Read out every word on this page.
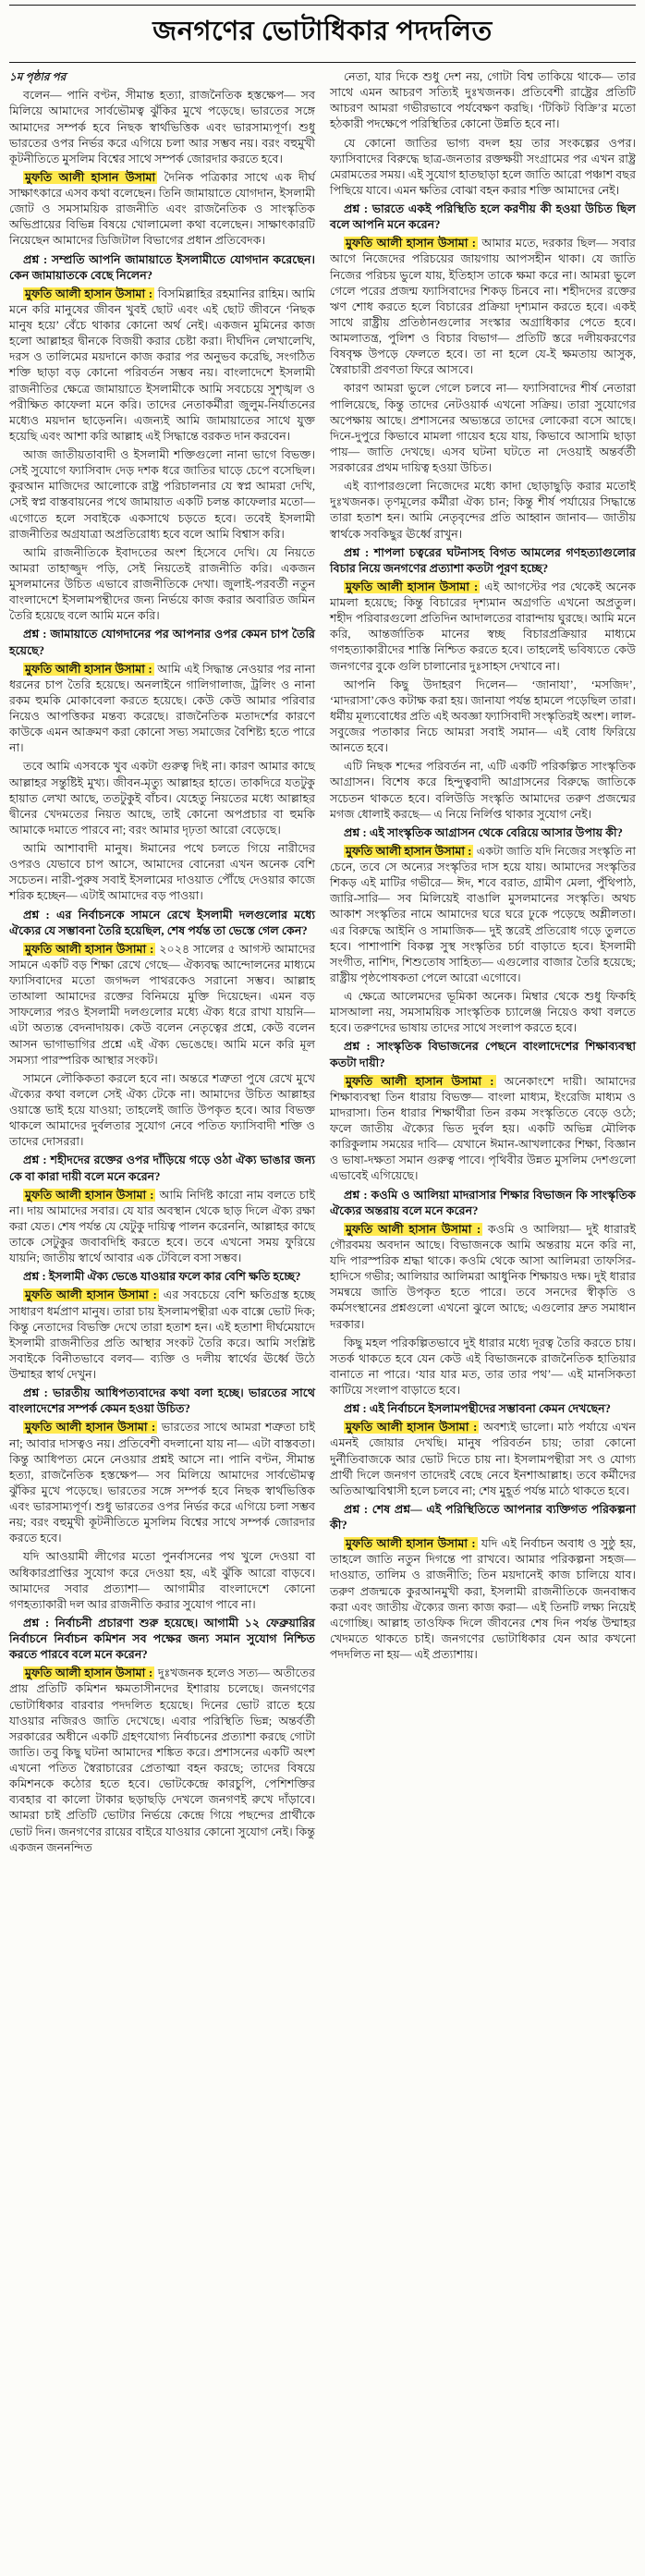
জনগণের ভোটাধিকার পদদলিত

১ম পৃষ্ঠার পর

বলেন— পানি বণ্টন, সীমান্ত হত্যা, রাজনৈতিক হস্তক্ষেপ— সব মিলিয়ে আমাদের সার্বভৌমত্ব ঝুঁকির মুখে পড়েছে। ভারতের সঙ্গে আমাদের সম্পর্ক হবে নিছক স্বার্থভিত্তিক এবং ভারসাম্যপূর্ণ। শুধু ভারতের ওপর নির্ভর করে এগিয়ে চলা আর সম্ভব নয়। বরং বহুমুখী কূটনীতিতে মুসলিম বিশ্বের সাথে সম্পর্ক জোরদার করতে হবে।

মুফতি আলী হাসান উসামা দৈনিক পত্রিকার সাথে এক দীর্ঘ সাক্ষাৎকারে এসব কথা বলেছেন। তিনি জামায়াতে যোগদান, ইসলামী জোট ও সমসাময়িক রাজনীতি এবং রাজনৈতিক ও সাংস্কৃতিক অভিপ্রায়ের বিভিন্ন বিষয়ে খোলামেলা কথা বলেছেন। সাক্ষাৎকারটি নিয়েছেন আমাদের ডিজিটাল বিভাগের প্রধান প্রতিবেদক।

প্রশ্ন : সম্প্রতি আপনি জামায়াতে ইসলামীতে যোগদান করেছেন। কেন জামায়াতকে বেছে নিলেন?

মুফতি আলী হাসান উসামা : বিসমিল্লাহির রহমানির রাহিম। আমি মনে করি মানুষের জীবন খুবই ছোট এবং এই ছোট জীবনে ‘নিছক মানুষ হয়ে’ বেঁচে থাকার কোনো অর্থ নেই। একজন মুমিনের কাজ হলো আল্লাহর দ্বীনকে বিজয়ী করার চেষ্টা করা। দীর্ঘদিন লেখালেখি, দরস ও তালিমের ময়দানে কাজ করার পর অনুভব করেছি, সংগঠিত শক্তি ছাড়া বড় কোনো পরিবর্তন সম্ভব নয়। বাংলাদেশে ইসলামী রাজনীতির ক্ষেত্রে জামায়াতে ইসলামীকে আমি সবচেয়ে সুশৃঙ্খল ও পরীক্ষিত কাফেলা মনে করি। তাদের নেতাকর্মীরা জুলুম-নির্যাতনের মধ্যেও ময়দান ছাড়েননি। এজন্যই আমি জামায়াতের সাথে যুক্ত হয়েছি এবং আশা করি আল্লাহ এই সিদ্ধান্তে বরকত দান করবেন।

আজ জাতীয়তাবাদী ও ইসলামী শক্তিগুলো নানা ভাগে বিভক্ত। সেই সুযোগে ফ্যাসিবাদ দেড় দশক ধরে জাতির ঘাড়ে চেপে বসেছিল। কুরআন মাজিদের আলোকে রাষ্ট্র পরিচালনার যে স্বপ্ন আমরা দেখি, সেই স্বপ্ন বাস্তবায়নের পথে জামায়াত একটি চলন্ত কাফেলার মতো— এগোতে হলে সবাইকে একসাথে চড়তে হবে। তবেই ইসলামী রাজনীতির অগ্রযাত্রা অপ্রতিরোধ্য হবে বলে আমি বিশ্বাস করি।

আমি রাজনীতিকে ইবাদতের অংশ হিসেবে দেখি। যে নিয়তে আমরা তাহাজ্জুদ পড়ি, সেই নিয়তেই রাজনীতি করি। একজন মুসলমানের উচিত এভাবে রাজনীতিকে দেখা। জুলাই-পরবর্তী নতুন বাংলাদেশে ইসলামপন্থীদের জন্য নির্ভয়ে কাজ করার অবারিত জমিন তৈরি হয়েছে বলে আমি মনে করি।

প্রশ্ন : জামায়াতে যোগদানের পর আপনার ওপর কেমন চাপ তৈরি হয়েছে?

মুফতি আলী হাসান উসামা : আমি এই সিদ্ধান্ত নেওয়ার পর নানা ধরনের চাপ তৈরি হয়েছে। অনলাইনে গালিগালাজ, ট্রলিং ও নানা রকম হুমকি মোকাবেলা করতে হয়েছে। কেউ কেউ আমার পরিবার নিয়েও আপত্তিকর মন্তব্য করেছে। রাজনৈতিক মতাদর্শের কারণে কাউকে এমন আক্রমণ করা কোনো সভ্য সমাজের বৈশিষ্ট্য হতে পারে না।

তবে আমি এসবকে খুব একটা গুরুত্ব দিই না। কারণ আমার কাছে আল্লাহর সন্তুষ্টিই মুখ্য। জীবন-মৃত্যু আল্লাহর হাতে। তাকদিরে যতটুকু হায়াত লেখা আছে, ততটুকুই বাঁচব। যেহেতু নিয়তের মধ্যে আল্লাহর দ্বীনের খেদমতের নিয়ত আছে, তাই কোনো অপপ্রচার বা হুমকি আমাকে দমাতে পারবে না; বরং আমার দৃঢ়তা আরো বেড়েছে।

আমি আশাবাদী মানুষ। ঈমানের পথে চলতে গিয়ে নারীদের ওপরও যেভাবে চাপ আসে, আমাদের বোনেরা এখন অনেক বেশি সচেতন। নারী-পুরুষ সবাই ইসলামের দাওয়াত পৌঁছে দেওয়ার কাজে শরিক হচ্ছেন— এটাই আমাদের বড় পাওয়া।

প্রশ্ন : এর নির্বাচনকে সামনে রেখে ইসলামী দলগুলোর মধ্যে ঐক্যের যে সম্ভাবনা তৈরি হয়েছিল, শেষ পর্যন্ত তা ভেস্তে গেল কেন?

মুফতি আলী হাসান উসামা : ২০২৪ সালের ৫ আগস্ট আমাদের সামনে একটি বড় শিক্ষা রেখে গেছে— ঐক্যবদ্ধ আন্দোলনের মাধ্যমে ফ্যাসিবাদের মতো জগদ্দল পাথরকেও সরানো সম্ভব। আল্লাহ তাআলা আমাদের রক্তের বিনিময়ে মুক্তি দিয়েছেন। এমন বড় সাফল্যের পরও ইসলামী দলগুলোর মধ্যে ঐক্য ধরে রাখা যায়নি— এটা অত্যন্ত বেদনাদায়ক। কেউ বলেন নেতৃত্বের প্রশ্নে, কেউ বলেন আসন ভাগাভাগির প্রশ্নে এই ঐক্য ভেঙেছে। আমি মনে করি মূল সমস্যা পারস্পরিক আস্থার সংকট।

সামনে লৌকিকতা করলে হবে না। অন্তরে শত্রুতা পুষে রেখে মুখে ঐক্যের কথা বললে সেই ঐক্য টেকে না। আমাদের উচিত আল্লাহর ওয়াস্তে ভাই হয়ে যাওয়া; তাহলেই জাতি উপকৃত হবে। আর বিভক্ত থাকলে আমাদের দুর্বলতার সুযোগ নেবে পতিত ফ্যাসিবাদী শক্তি ও তাদের দোসররা।

প্রশ্ন : শহীদদের রক্তের ওপর দাঁড়িয়ে গড়ে ওঠা ঐক্য ভাঙার জন্য কে বা কারা দায়ী বলে মনে করেন?

মুফতি আলী হাসান উসামা : আমি নির্দিষ্ট কারো নাম বলতে চাই না। দায় আমাদের সবার। যে যার অবস্থান থেকে ছাড় দিলে ঐক্য রক্ষা করা যেত। শেষ পর্যন্ত যে যেটুকু দায়িত্ব পালন করেননি, আল্লাহর কাছে তাকে সেটুকুর জবাবদিহি করতে হবে। তবে এখনো সময় ফুরিয়ে যায়নি; জাতীয় স্বার্থে আবার এক টেবিলে বসা সম্ভব।

প্রশ্ন : ইসলামী ঐক্য ভেঙে যাওয়ার ফলে কার বেশি ক্ষতি হচ্ছে?

মুফতি আলী হাসান উসামা : এর সবচেয়ে বেশি ক্ষতিগ্রস্ত হচ্ছে সাধারণ ধর্মপ্রাণ মানুষ। তারা চায় ইসলামপন্থীরা এক বাক্সে ভোট দিক; কিন্তু নেতাদের বিভক্তি দেখে তারা হতাশ হন। এই হতাশা দীর্ঘমেয়াদে ইসলামী রাজনীতির প্রতি আস্থার সংকট তৈরি করে। আমি সংশ্লিষ্ট সবাইকে বিনীতভাবে বলব— ব্যক্তি ও দলীয় স্বার্থের ঊর্ধ্বে উঠে উম্মাহর স্বার্থ দেখুন।

প্রশ্ন : ভারতীয় আধিপত্যবাদের কথা বলা হচ্ছে। ভারতের সাথে বাংলাদেশের সম্পর্ক কেমন হওয়া উচিত?

মুফতি আলী হাসান উসামা : ভারতের সাথে আমরা শত্রুতা চাই না; আবার দাসত্বও নয়। প্রতিবেশী বদলানো যায় না— এটা বাস্তবতা। কিন্তু আধিপত্য মেনে নেওয়ার প্রশ্নই আসে না। পানি বণ্টন, সীমান্ত হত্যা, রাজনৈতিক হস্তক্ষেপ— সব মিলিয়ে আমাদের সার্বভৌমত্ব ঝুঁকির মুখে পড়েছে। ভারতের সঙ্গে সম্পর্ক হবে নিছক স্বার্থভিত্তিক এবং ভারসাম্যপূর্ণ। শুধু ভারতের ওপর নির্ভর করে এগিয়ে চলা সম্ভব নয়; বরং বহুমুখী কূটনীতিতে মুসলিম বিশ্বের সাথে সম্পর্ক জোরদার করতে হবে।

যদি আওয়ামী লীগের মতো পুনর্বাসনের পথ খুলে দেওয়া বা অধিকারপ্রাপ্তির সুযোগ করে দেওয়া হয়, এই ঝুঁকি আরো বাড়বে। আমাদের সবার প্রত্যাশা— আগামীর বাংলাদেশে কোনো গণহত্যাকারী দল আর রাজনীতি করার সুযোগ পাবে না।

প্রশ্ন : নির্বাচনী প্রচারণা শুরু হয়েছে। আগামী ১২ ফেব্রুয়ারির নির্বাচনে নির্বাচন কমিশন সব পক্ষের জন্য সমান সুযোগ নিশ্চিত করতে পারবে বলে মনে করেন?

মুফতি আলী হাসান উসামা : দুঃখজনক হলেও সত্য— অতীতের প্রায় প্রতিটি কমিশন ক্ষমতাসীনদের ইশারায় চলেছে। জনগণের ভোটাধিকার বারবার পদদলিত হয়েছে। দিনের ভোট রাতে হয়ে যাওয়ার নজিরও জাতি দেখেছে। এবার পরিস্থিতি ভিন্ন; অন্তর্বর্তী সরকারের অধীনে একটি গ্রহণযোগ্য নির্বাচনের প্রত্যাশা করছে গোটা জাতি। তবু কিছু ঘটনা আমাদের শঙ্কিত করে। প্রশাসনের একটি অংশ এখনো পতিত স্বৈরাচারের প্রেতাত্মা বহন করছে; তাদের বিষয়ে কমিশনকে কঠোর হতে হবে। ভোটকেন্দ্রে কারচুপি, পেশিশক্তির ব্যবহার বা কালো টাকার ছড়াছড়ি দেখলে জনগণই রুখে দাঁড়াবে। আমরা চাই প্রতিটি ভোটার নির্ভয়ে কেন্দ্রে গিয়ে পছন্দের প্রার্থীকে ভোট দিন। জনগণের রায়ের বাইরে যাওয়ার কোনো সুযোগ নেই। কিন্তু একজন জননন্দিত

নেতা, যার দিকে শুধু দেশ নয়, গোটা বিশ্ব তাকিয়ে থাকে— তার সাথে এমন আচরণ সত্যিই দুঃখজনক। প্রতিবেশী রাষ্ট্রের প্রতিটি আচরণ আমরা গভীরভাবে পর্যবেক্ষণ করছি। ‘টিকিট বিক্রি’র মতো হঠকারী পদক্ষেপে পরিস্থিতির কোনো উন্নতি হবে না।

যে কোনো জাতির ভাগ্য বদল হয় তার সংকল্পের ওপর। ফ্যাসিবাদের বিরুদ্ধে ছাত্র-জনতার রক্তক্ষয়ী সংগ্রামের পর এখন রাষ্ট্র মেরামতের সময়। এই সুযোগ হাতছাড়া হলে জাতি আরো পঞ্চাশ বছর পিছিয়ে যাবে। এমন ক্ষতির বোঝা বহন করার শক্তি আমাদের নেই।

প্রশ্ন : ভারতে একই পরিস্থিতি হলে করণীয় কী হওয়া উচিত ছিল বলে আপনি মনে করেন?

মুফতি আলী হাসান উসামা : আমার মতে, দরকার ছিল— সবার আগে নিজেদের পরিচয়ের জায়গায় আপসহীন থাকা। যে জাতি নিজের পরিচয় ভুলে যায়, ইতিহাস তাকে ক্ষমা করে না। আমরা ভুলে গেলে পরের প্রজন্ম ফ্যাসিবাদের শিকড় চিনবে না। শহীদদের রক্তের ঋণ শোধ করতে হলে বিচারের প্রক্রিয়া দৃশ্যমান করতে হবে। একই সাথে রাষ্ট্রীয় প্রতিষ্ঠানগুলোর সংস্কার অগ্রাধিকার পেতে হবে। আমলাতন্ত্র, পুলিশ ও বিচার বিভাগ— প্রতিটি স্তরে দলীয়করণের বিষবৃক্ষ উপড়ে ফেলতে হবে। তা না হলে যে-ই ক্ষমতায় আসুক, স্বৈরাচারী প্রবণতা ফিরে আসবে।

কারণ আমরা ভুলে গেলে চলবে না— ফ্যাসিবাদের শীর্ষ নেতারা পালিয়েছে, কিন্তু তাদের নেটওয়ার্ক এখনো সক্রিয়। তারা সুযোগের অপেক্ষায় আছে। প্রশাসনের অভ্যন্তরে তাদের লোকেরা বসে আছে। দিনে-দুপুরে কিভাবে মামলা গায়েব হয়ে যায়, কিভাবে আসামি ছাড়া পায়— জাতি দেখছে। এসব ঘটনা ঘটতে না দেওয়াই অন্তর্বর্তী সরকারের প্রথম দায়িত্ব হওয়া উচিত।

এই ব্যাপারগুলো নিজেদের মধ্যে কাদা ছোড়াছুড়ি করার মতোই দুঃখজনক। তৃণমূলের কর্মীরা ঐক্য চান; কিন্তু শীর্ষ পর্যায়ের সিদ্ধান্তে তারা হতাশ হন। আমি নেতৃবৃন্দের প্রতি আহ্বান জানাব— জাতীয় স্বার্থকে সবকিছুর ঊর্ধ্বে রাখুন।

প্রশ্ন : শাপলা চত্বরের ঘটনাসহ বিগত আমলের গণহত্যাগুলোর বিচার নিয়ে জনগণের প্রত্যাশা কতটা পূরণ হচ্ছে?

মুফতি আলী হাসান উসামা : এই আগস্টের পর থেকেই অনেক মামলা হয়েছে; কিন্তু বিচারের দৃশ্যমান অগ্রগতি এখনো অপ্রতুল। শহীদ পরিবারগুলো প্রতিদিন আদালতের বারান্দায় ঘুরছে। আমি মনে করি, আন্তর্জাতিক মানের স্বচ্ছ বিচারপ্রক্রিয়ার মাধ্যমে গণহত্যাকারীদের শাস্তি নিশ্চিত করতে হবে। তাহলেই ভবিষ্যতে কেউ জনগণের বুকে গুলি চালানোর দুঃসাহস দেখাবে না।

আপনি কিছু উদাহরণ দিলেন— ‘জানাযা’, ‘মসজিদ’, ‘মাদরাসা’কেও কটাক্ষ করা হয়। জানাযা পর্যন্ত হামলে পড়েছিল তারা। ধর্মীয় মূল্যবোধের প্রতি এই অবজ্ঞা ফ্যাসিবাদী সংস্কৃতিরই অংশ। লাল-সবুজের পতাকার নিচে আমরা সবাই সমান— এই বোধ ফিরিয়ে আনতে হবে।

এটি নিছক শব্দের পরিবর্তন না, এটি একটি পরিকল্পিত সাংস্কৃতিক আগ্রাসন। বিশেষ করে হিন্দুত্ববাদী আগ্রাসনের বিরুদ্ধে জাতিকে সচেতন থাকতে হবে। বলিউডি সংস্কৃতি আমাদের তরুণ প্রজন্মের মগজ ধোলাই করছে— এ নিয়ে নির্লিপ্ত থাকার সুযোগ নেই।

প্রশ্ন : এই সাংস্কৃতিক আগ্রাসন থেকে বেরিয়ে আসার উপায় কী?

মুফতি আলী হাসান উসামা : একটা জাতি যদি নিজের সংস্কৃতি না চেনে, তবে সে অন্যের সংস্কৃতির দাস হয়ে যায়। আমাদের সংস্কৃতির শিকড় এই মাটির গভীরে— ঈদ, শবে বরাত, গ্রামীণ মেলা, পুঁথিপাঠ, জারি-সারি— সব মিলিয়েই বাঙালি মুসলমানের সংস্কৃতি। অথচ আকাশ সংস্কৃতির নামে আমাদের ঘরে ঘরে ঢুকে পড়েছে অশ্লীলতা। এর বিরুদ্ধে আইনি ও সামাজিক— দুই স্তরেই প্রতিরোধ গড়ে তুলতে হবে। পাশাপাশি বিকল্প সুস্থ সংস্কৃতির চর্চা বাড়াতে হবে। ইসলামী সংগীত, নাশিদ, শিশুতোষ সাহিত্য— এগুলোর বাজার তৈরি হয়েছে; রাষ্ট্রীয় পৃষ্ঠপোষকতা পেলে আরো এগোবে।

এ ক্ষেত্রে আলেমদের ভূমিকা অনেক। মিম্বার থেকে শুধু ফিকহি মাসআলা নয়, সমসাময়িক সাংস্কৃতিক চ্যালেঞ্জ নিয়েও কথা বলতে হবে। তরুণদের ভাষায় তাদের সাথে সংলাপ করতে হবে।

প্রশ্ন : সাংস্কৃতিক বিভাজনের পেছনে বাংলাদেশের শিক্ষাব্যবস্থা কতটা দায়ী?

মুফতি আলী হাসান উসামা : অনেকাংশে দায়ী। আমাদের শিক্ষাব্যবস্থা তিন ধারায় বিভক্ত— বাংলা মাধ্যম, ইংরেজি মাধ্যম ও মাদরাসা। তিন ধারার শিক্ষার্থীরা তিন রকম সংস্কৃতিতে বেড়ে ওঠে; ফলে জাতীয় ঐক্যের ভিত দুর্বল হয়। একটি অভিন্ন মৌলিক কারিকুলাম সময়ের দাবি— যেখানে ঈমান-আখলাকের শিক্ষা, বিজ্ঞান ও ভাষা-দক্ষতা সমান গুরুত্ব পাবে। পৃথিবীর উন্নত মুসলিম দেশগুলো এভাবেই এগিয়েছে।

প্রশ্ন : কওমি ও আলিয়া মাদরাসার শিক্ষার বিভাজন কি সাংস্কৃতিক ঐক্যের অন্তরায় বলে মনে করেন?

মুফতি আলী হাসান উসামা : কওমি ও আলিয়া— দুই ধারারই গৌরবময় অবদান আছে। বিভাজনকে আমি অন্তরায় মনে করি না, যদি পারস্পরিক শ্রদ্ধা থাকে। কওমি থেকে আসা আলিমরা তাফসির-হাদিসে গভীর; আলিয়ার আলিমরা আধুনিক শিক্ষায়ও দক্ষ। দুই ধারার সমন্বয়ে জাতি উপকৃত হতে পারে। তবে সনদের স্বীকৃতি ও কর্মসংস্থানের প্রশ্নগুলো এখনো ঝুলে আছে; এগুলোর দ্রুত সমাধান দরকার।

কিছু মহল পরিকল্পিতভাবে দুই ধারার মধ্যে দূরত্ব তৈরি করতে চায়। সতর্ক থাকতে হবে যেন কেউ এই বিভাজনকে রাজনৈতিক হাতিয়ার বানাতে না পারে। ‘যার যার মত, তার তার পথ’— এই মানসিকতা কাটিয়ে সংলাপ বাড়াতে হবে।

প্রশ্ন : এই নির্বাচনে ইসলামপন্থীদের সম্ভাবনা কেমন দেখছেন?

মুফতি আলী হাসান উসামা : অবশ্যই ভালো। মাঠ পর্যায়ে এখন এমনই জোয়ার দেখছি। মানুষ পরিবর্তন চায়; তারা কোনো দুর্নীতিবাজকে আর ভোট দিতে চায় না। ইসলামপন্থীরা সৎ ও যোগ্য প্রার্থী দিলে জনগণ তাদেরই বেছে নেবে ইনশাআল্লাহ। তবে কর্মীদের অতিআত্মবিশ্বাসী হলে চলবে না; শেষ মুহূর্ত পর্যন্ত মাঠে থাকতে হবে।

প্রশ্ন : শেষ প্রশ্ন— এই পরিস্থিতিতে আপনার ব্যক্তিগত পরিকল্পনা কী?

মুফতি আলী হাসান উসামা : যদি এই নির্বাচন অবাধ ও সুষ্ঠু হয়, তাহলে জাতি নতুন দিগন্তে পা রাখবে। আমার পরিকল্পনা সহজ— দাওয়াত, তালিম ও রাজনীতি; তিন ময়দানেই কাজ চালিয়ে যাব। তরুণ প্রজন্মকে কুরআনমুখী করা, ইসলামী রাজনীতিকে জনবান্ধব করা এবং জাতীয় ঐক্যের জন্য কাজ করা— এই তিনটি লক্ষ্য নিয়েই এগোচ্ছি। আল্লাহ তাওফিক দিলে জীবনের শেষ দিন পর্যন্ত উম্মাহর খেদমতে থাকতে চাই। জনগণের ভোটাধিকার যেন আর কখনো পদদলিত না হয়— এই প্রত্যাশায়।
